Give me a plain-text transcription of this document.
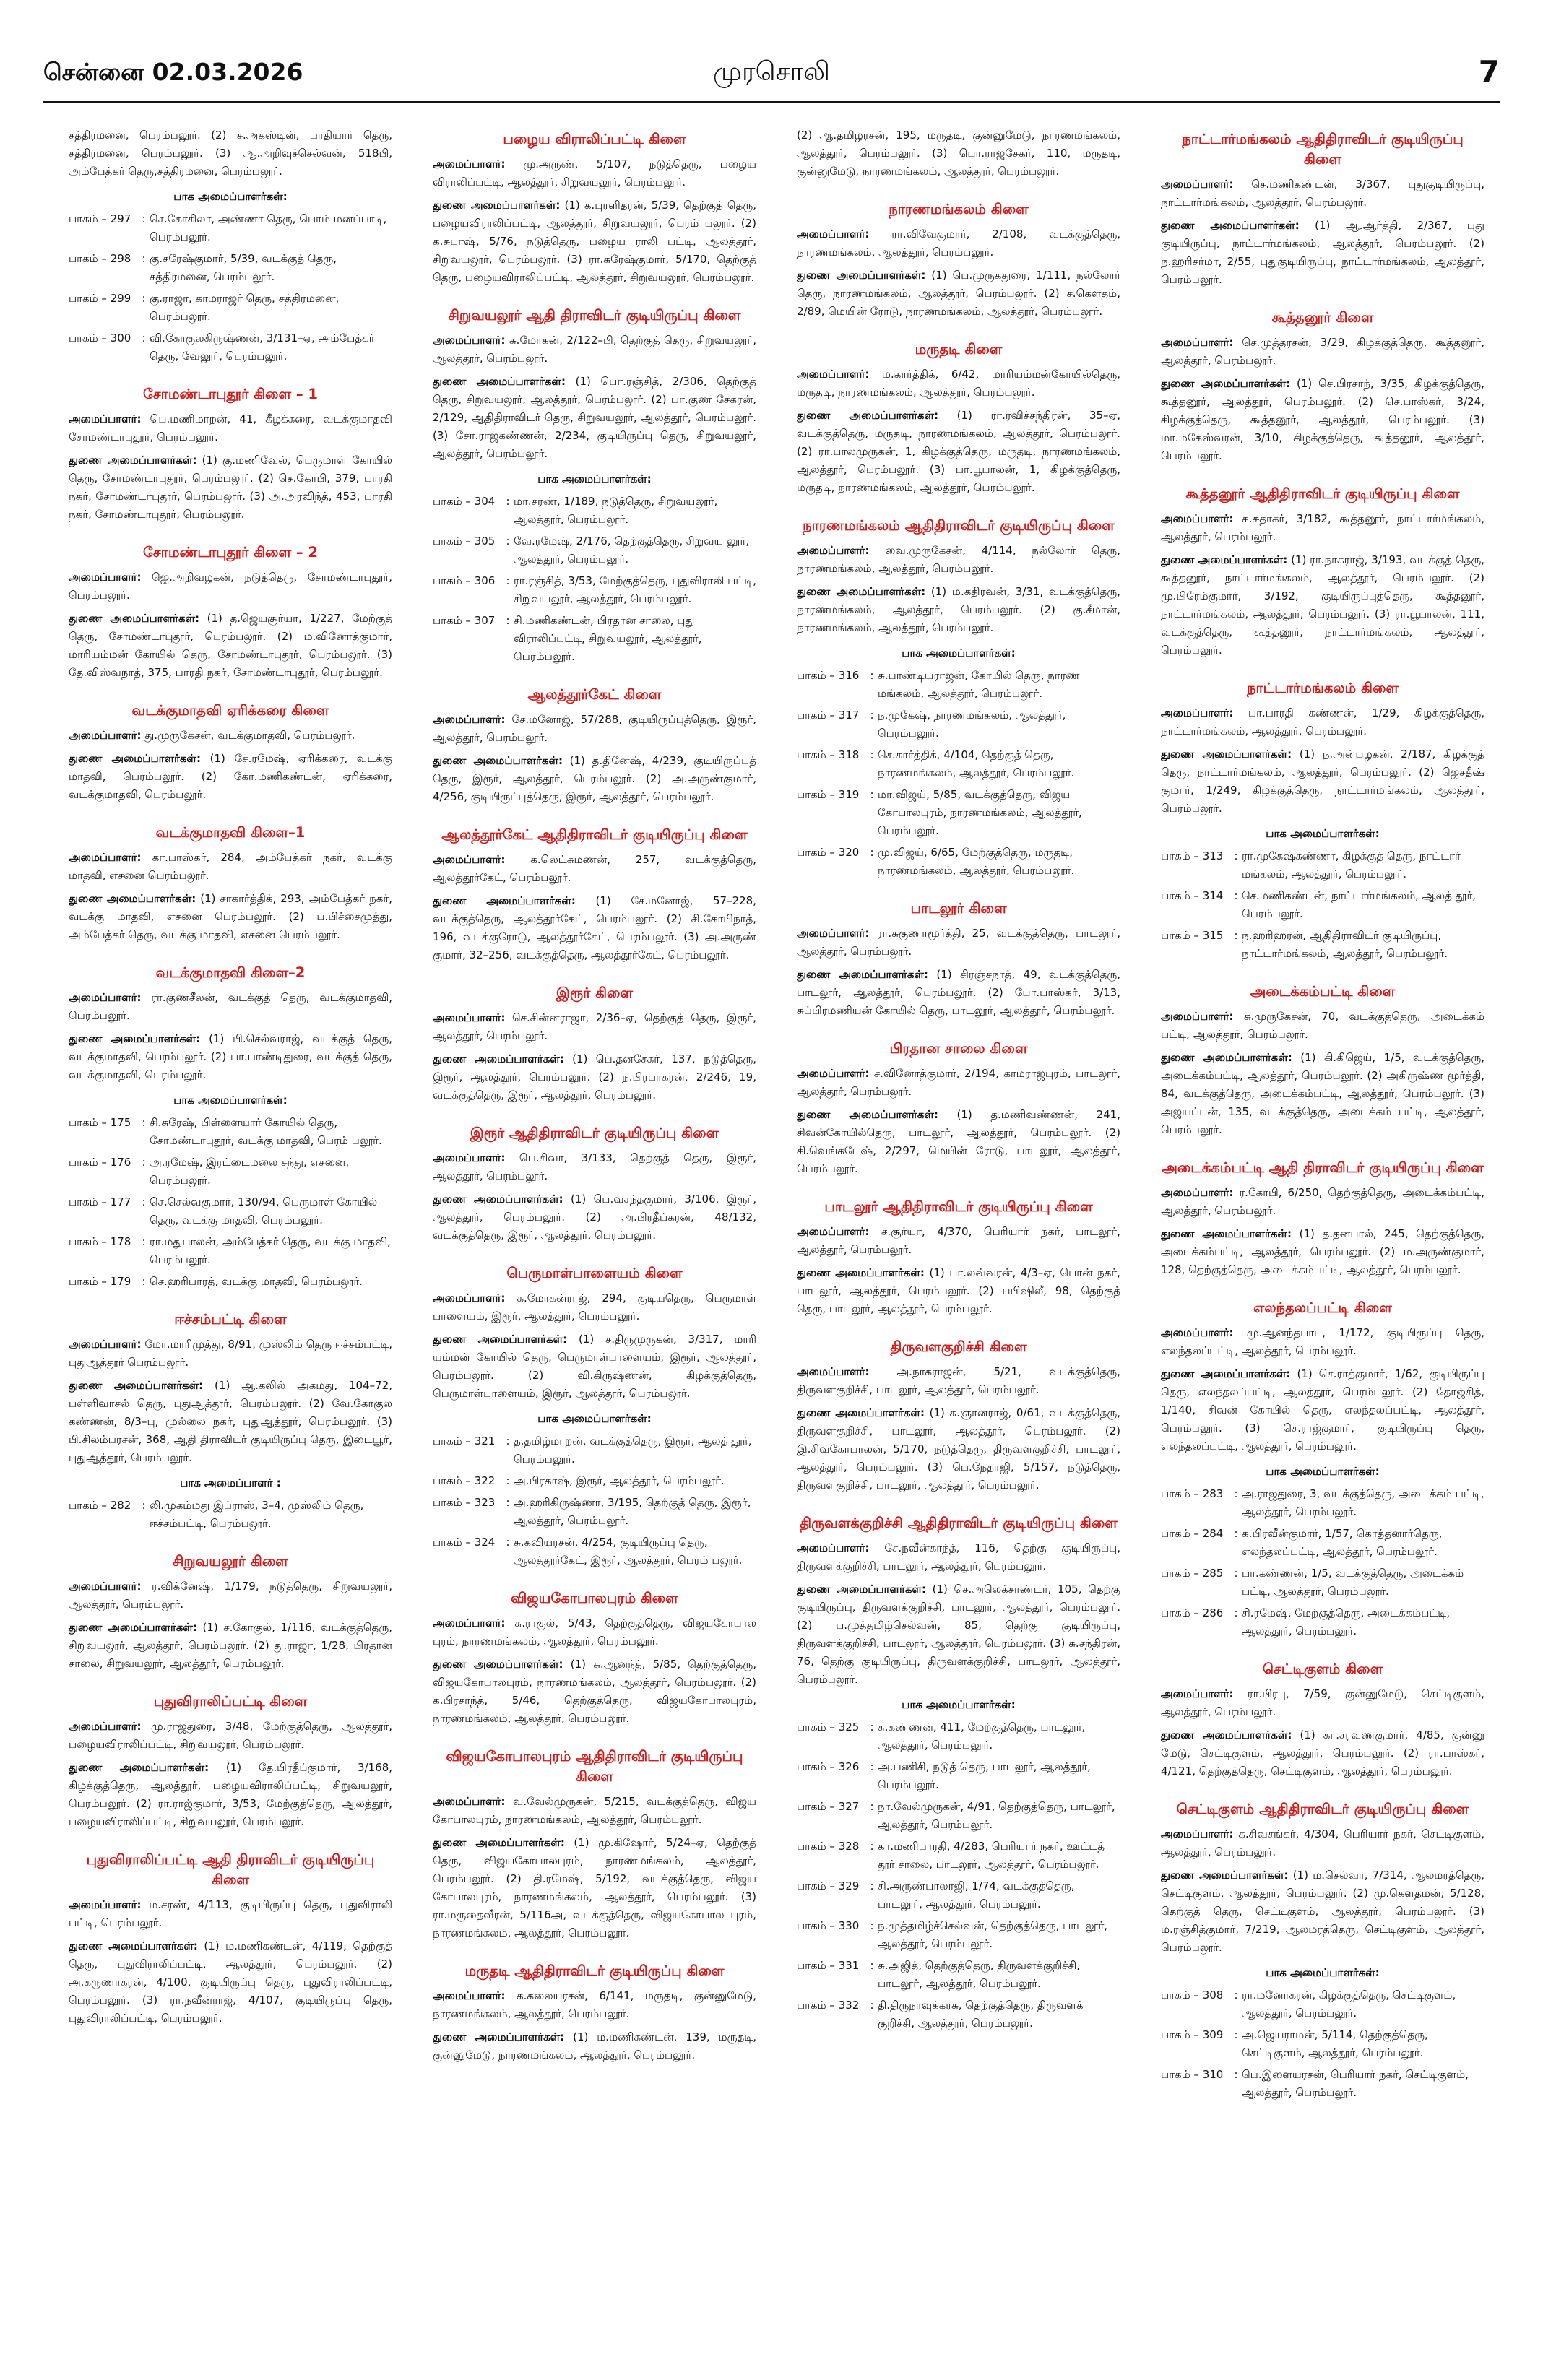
சென்னை 02.03.2026	முரசொலி	7
சத்திரமனை, பெரம்பலூர். (2) ச.அகஸ்டின், பாதியார் தெரு, சத்திரமனை, பெரம்பலூர். (3) ஆ.அறிவுச்செல்வன், 518பி, அம்பேத்கர் தெரு,சத்திரமனை, பெரம்பலூர்.
பாக அமைப்பாளர்கள்:
பாகம் – 297	: செ.கோகிலா, அண்ணா தெரு, பொம் மனப்பாடி, பெரம்பலூர்.
பாகம் – 298	: கு.சரேஷ்குமார், 5/39, வடக்குத் தெரு, சத்திரமனை, பெரம்பலூர்.
பாகம் – 299	: கு.ராஜா, காமராஜர் தெரு, சத்திரமனை, பெரம்பலூர்.
பாகம் – 300	: வி.கோகுலகிருஷ்ணன், 3/131–ஏ, அம்பேத்கர் தெரு, வேலூர், பெரம்பலூர்.
சோமண்டாபுதூர் கிளை – 1
அமைப்பாளர்: பெ.மணிமாறன், 41, கீழக்கரை, வடக்குமாதவி சோமண்டாபுதூர், பெரம்பலூர்.
துணை அமைப்பாளர்கள்: (1) கு.மணிவேல், பெருமாள் கோயில் தெரு, சோமண்டாபுதூர், பெரம்பலூர். (2) செ.கோபி, 379, பாரதி நகர், சோமண்டாபுதூர், பெரம்பலூர். (3) அ.அரவிந்த், 453, பாரதி நகர், சோமண்டாபுதூர், பெரம்பலூர்.
சோமண்டாபுதூர் கிளை – 2
அமைப்பாளர்: ஜெ.அறிவழகன், நடுத்தெரு, சோமண்டாபுதூர், பெரம்பலூர்.
துணை அமைப்பாளர்கள்: (1) த.ஜெயசூர்யா, 1/227, மேற்குத் தெரு, சோமண்டாபுதூர், பெரம்பலூர். (2) ம.வினோத்குமார், மாரியம்மன் கோயில் தெரு, சோமண்டாபுதூர், பெரம்பலூர். (3) தே.விஸ்வநாத், 375, பாரதி நகர், சோமண்டாபுதூர், பெரம்பலூர்.
வடக்குமாதவி ஏரிக்கரை கிளை
அமைப்பாளர்: து.முருகேசன், வடக்குமாதவி, பெரம்பலூர்.
துணை அமைப்பாளர்கள்: (1) சே.ரமேஷ், ஏரிக்கரை, வடக்கு மாதவி, பெரம்பலூர். (2) கோ.மணிகண்டன், ஏரிக்கரை, வடக்குமாதவி, பெரம்பலூர்.
வடக்குமாதவி கிளை–1
அமைப்பாளர்: கா.பாஸ்கர், 284, அம்பேத்கர் நகர், வடக்கு மாதவி, எசனை பெரம்பலூர்.
துணை அமைப்பாளர்கள்: (1) சாகார்த்திக், 293, அம்பேத்கர் நகர், வடக்கு மாதவி, எசனை பெரம்பலூர். (2) ப.பிச்சைமுத்து, அம்பேத்கர் தெரு, வடக்கு மாதவி, எசனை பெரம்பலூர்.
வடக்குமாதவி கிளை–2
அமைப்பாளர்: ரா.குணசீலன், வடக்குத் தெரு, வடக்குமாதவி, பெரம்பலூர்.
துணை அமைப்பாளர்கள்: (1) பி.செல்வராஜ், வடக்குத் தெரு, வடக்குமாதவி, பெரம்பலூர். (2) பா.பாண்டிதுரை, வடக்குத் தெரு, வடக்குமாதவி, பெரம்பலூர்.
பாக அமைப்பாளர்கள்:
பாகம் – 175	: சி.சுரேஷ், பிள்ளையார் கோயில் தெரு, சோமண்டாபுதூர், வடக்கு மாதவி, பெரம் பலூர்.
பாகம் – 176	: அ.ரமேஷ், இரட்டைமலை சந்து, எசனை, பெரம்பலூர்.
பாகம் – 177	: செ.செல்வகுமார், 130/94, பெருமாள் கோயில் தெரு, வடக்கு மாதவி, பெரம்பலூர்.
பாகம் – 178	: ரா.மதுபாலன், அம்பேத்கர் தெரு, வடக்கு மாதவி, பெரம்பலூர்.
பாகம் – 179	: செ.ஹரிபாரத், வடக்கு மாதவி, பெரம்பலூர்.
ஈச்சம்பட்டி கிளை
அமைப்பாளர்: மோ.மாரிமுத்து, 8/91, முஸ்லிம் தெரு ஈச்சம்பட்டி, புதுஆத்தூர் பெரம்பலூர்.
துணை அமைப்பாளர்கள்: (1) ஆ.கலில் அகமது, 104–72, பள்ளிவாசல் தெரு, புதுஆத்தூர், பெரம்பலூர். (2) வே.கோகுல கண்ணன், 8/3–பு, முல்லை நகர், புதுஆத்தூர், பெரம்பலூர். (3) பி.சிலம்பரசன், 368, ஆதி திராவிடர் குடியிருப்பு தெரு, இடையூர், புதுஆத்தூர், பெரம்பலூர்.
பாக அமைப்பாளர் :
பாகம் – 282	: லி.முகம்மது இப்ராஸ், 3–4, முஸ்லிம் தெரு, ஈச்சம்பட்டி, பெரம்பலூர்.
சிறுவயலூர் கிளை
அமைப்பாளர்: ர.விக்னேஷ், 1/179, நடுத்தெரு, சிறுவயலூர், ஆலத்தூர், பெரம்பலூர்.
துணை அமைப்பாளர்கள்: (1) ச.கோகுல், 1/116, வடக்குத்தெரு, சிறுவயலூர், ஆலத்தூர், பெரம்பலூர். (2) து.ராஜா, 1/28, பிரதான சாலை, சிறுவயலூர், ஆலத்தூர், பெரம்பலூர்.
புதுவிராலிப்பட்டி கிளை
அமைப்பாளர்: மு.ராஜதுரை, 3/48, மேற்குத்தெரு, ஆலத்தூர், பழையவிராலிப்பட்டி, சிறுவயலூர், பெரம்பலூர்.
துணை அமைப்பாளர்கள்: (1) தே.பிரதீப்குமார், 3/168, கிழக்குத்தெரு, ஆலத்தூர், பழையவிராலிப்பட்டி, சிறுவயலூர், பெரம்பலூர். (2) ரா.ராஜ்குமார், 3/53, மேற்குத்தெரு, ஆலத்தூர், பழையவிராலிப்பட்டி, சிறுவயலூர், பெரம்பலூர்.
புதுவிராலிப்பட்டி ஆதி திராவிடர் குடியிருப்பு கிளை
அமைப்பாளர்: ம.சரண், 4/113, குடியிருப்பு தெரு, புதுவிராலி பட்டி, பெரம்பலூர்.
துணை அமைப்பாளர்கள்: (1) ம.மணிகண்டன், 4/119, தெற்குத் தெரு, புதுவிராலிப்பட்டி, ஆலத்தூர், பெரம்பலூர். (2) அ.கருணாகரன், 4/100, குடியிருப்பு தெரு, புதுவிராலிப்பட்டி, பெரம்பலூர். (3) ரா.நவீன்ராஜ், 4/107, குடியிருப்பு தெரு, புதுவிராலிப்பட்டி, பெரம்பலூர்.
பழைய விராலிப்பட்டி கிளை
அமைப்பாளர்: மு.அருண், 5/107, நடுத்தெரு, பழைய விராலிப்பட்டி, ஆலத்தூர், சிறுவயலூர், பெரம்பலூர்.
துணை அமைப்பாளர்கள்: (1) க.புரளிதரன், 5/39, தெற்குத் தெரு, பழையவிராலிப்பட்டி, ஆலத்தூர், சிறுவயலூர், பெரம் பலூர். (2) க.சுபாஷ், 5/76, நடுத்தெரு, பழைய ராலி பட்டி, ஆலத்தூர், சிறுவயலூர், பெரம்பலூர். (3) ரா.சுரேஷ்குமார், 5/170, தெற்குத் தெரு, பழையவிராலிப்பட்டி, ஆலத்தூர், சிறுவயலூர், பெரம்பலூர்.
சிறுவயலூர் ஆதி திராவிடர் குடியிருப்பு கிளை
அமைப்பாளர்: சு.மோகன், 2/122–பி, தெற்குத் தெரு, சிறுவயலூர், ஆலத்தூர், பெரம்பலூர்.
துணை அமைப்பாளர்கள்: (1) பொ.ரஞ்சித், 2/306, தெற்குத் தெரு, சிறுவயலூர், ஆலத்தூர், பெரம்பலூர். (2) பா.குண சேகரன், 2/129, ஆதிதிராவிடர் தெரு, சிறுவயலூர், ஆலத்தூர், பெரம்பலூர். (3) சோ.ராஜகண்ணன், 2/234, குடியிருப்பு தெரு, சிறுவயலூர், ஆலத்தூர், பெரம்பலூர்.
பாக அமைப்பாளர்கள்:
பாகம் – 304	: மா.சரண், 1/189, நடுத்தெரு, சிறுவயலூர், ஆலத்தூர், பெரம்பலூர்.
பாகம் – 305	: வே.ரமேஷ், 2/176, தெற்குத்தெரு, சிறுவய லூர், ஆலத்தூர், பெரம்பலூர்.
பாகம் – 306	: ரா.ரஞ்சித், 3/53, மேற்குத்தெரு, புதுவிராலி பட்டி, சிறுவயலூர், ஆலத்தூர், பெரம்பலூர்.
பாகம் – 307	: சி.மணிகண்டன், பிரதான சாலை, புது விராலிப்பட்டி, சிறுவயலூர், ஆலத்தூர், பெரம்பலூர்.
ஆலத்தூர்கேட் கிளை
அமைப்பாளர்: சே.மனோஜ், 57/288, குடியிருப்புத்தெரு, இரூர், ஆலத்தூர், பெரம்பலூர்.
துணை அமைப்பாளர்கள்: (1) த.தினேஷ், 4/239, குடியிருப்புத் தெரு, இரூர், ஆலத்தூர், பெரம்பலூர். (2) அ.அருண்குமார், 4/256, குடியிருப்புத்தெரு, இரூர், ஆலத்தூர், பெரம்பலூர்.
ஆலத்தூர்கேட் ஆதிதிராவிடர் குடியிருப்பு கிளை
அமைப்பாளர்: க.லெட்சுமணன், 257, வடக்குத்தெரு, ஆலத்தூர்கேட், பெரம்பலூர்.
துணை அமைப்பாளர்கள்: (1) சே.மனோஜ், 57–228, வடக்குத்தெரு, ஆலத்தூர்கேட், பெரம்பலூர். (2) சி.கோபிநாத், 196, வடக்குரோடு, ஆலத்தூர்கேட், பெரம்பலூர். (3) அ.அருண் குமார், 32–256, வடக்குத்தெரு, ஆலத்தூர்கேட், பெரம்பலூர்.
இரூர் கிளை
அமைப்பாளர்: செ.சின்னராஜா, 2/36–ஏ, தெற்குத் தெரு, இரூர், ஆலத்தூர், பெரம்பலூர்.
துணை அமைப்பாளர்கள்: (1) பெ.தனசேகர், 137, நடுத்தெரு, இரூர், ஆலத்தூர், பெரம்பலூர். (2) ந.பிரபாகரன், 2/246, 19, வடக்குத்தெரு, இரூர், ஆலத்தூர், பெரம்பலூர்.
இரூர் ஆதிதிராவிடர் குடியிருப்பு கிளை
அமைப்பாளர்: பெ.சிவா, 3/133, தெற்குத் தெரு, இரூர், ஆலத்தூர், பெரம்பலூர்.
துணை அமைப்பாளர்கள்: (1) பெ.வசந்தகுமார், 3/106, இரூர், ஆலத்தூர், பெரம்பலூர். (2) அ.பிரதீப்கரன், 48/132, வடக்குத்தெரு, இரூர், ஆலத்தூர், பெரம்பலூர்.
பெருமாள்பாளையம் கிளை
அமைப்பாளர்: க.மோகன்ராஜ், 294, குடியதெரு, பெருமாள் பாளையம், இரூர், ஆலத்தூர், பெரம்பலூர்.
துணை அமைப்பாளர்கள்: (1) ச.திருமுருகன், 3/317, மாரி யம்மன் கோயில் தெரு, பெருமாள்பாளையம், இரூர், ஆலத்தூர், பெரம்பலூர். (2) வி.கிருஷ்ணன், கிழக்குத்தெரு, பெருமாள்பாளையம், இரூர், ஆலத்தூர், பெரம்பலூர்.
பாக அமைப்பாளர்கள்:
பாகம் – 321	: த.தமிழ்மாறன், வடக்குத்தெரு, இரூர், ஆலத் தூர், பெரம்பலூர்.
பாகம் – 322	: அ.பிரகாஷ், இரூர், ஆலத்தூர், பெரம்பலூர்.
பாகம் – 323	: அ.ஹரிகிருஷ்ணா, 3/195, தெற்குத் தெரு, இரூர், ஆலத்தூர், பெரம்பலூர்.
பாகம் – 324	: சு.கவியரசன், 4/254, குடியிருப்பு தெரு, ஆலத்தூர்கேட், இரூர், ஆலத்தூர், பெரம் பலூர்.
விஜயகோபாலபுரம் கிளை
அமைப்பாளர்: சு.ராகுல், 5/43, தெற்குத்தெரு, விஜயகோபால புரம், நாரணமங்கலம், ஆலத்தூர், பெரம்பலூர்.
துணை அமைப்பாளர்கள்: (1) சு.ஆனந்த், 5/85, தெற்குத்தெரு, விஜயகோபாலபுரம், நாரணமங்கலம், ஆலத்தூர், பெரம்பலூர். (2) க.பிரசாந்த், 5/46, தெற்குத்தெரு, விஜயகோபாலபுரம், நாரணமங்கலம், ஆலத்தூர், பெரம்பலூர்.
விஜயகோபாலபுரம் ஆதிதிராவிடர் குடியிருப்பு கிளை
அமைப்பாளர்: வ.வேல்முருகன், 5/215, வடக்குத்தெரு, விஜய கோபாலபுரம், நாரணமங்கலம், ஆலத்தூர், பெரம்பலூர்.
துணை அமைப்பாளர்கள்: (1) மு.கிஷோர், 5/24–ஏ, தெற்குத் தெரு, விஜயகோபாலபுரம், நாரணமங்கலம், ஆலத்தூர், பெரம்பலூர். (2) தி.ரமேஷ், 5/192, வடக்குத்தெரு, விஜய கோபாலபுரம், நாரணமங்கலம், ஆலத்தூர், பெரம்பலூர். (3) ரா.மருதைவீரன், 5/116அ, வடக்குத்தெரு, விஜயகோபால புரம், நாரணமங்கலம், ஆலத்தூர், பெரம்பலூர்.
மருதடி ஆதிதிராவிடர் குடியிருப்பு கிளை
அமைப்பாளர்: க.கலையரசன், 6/141, மருதடி, குன்னுமேடு, நாரணமங்கலம், ஆலத்தூர், பெரம்பலூர்.
துணை அமைப்பாளர்கள்: (1) ம.மணிகண்டன், 139, மருதடி, குன்னுமேடு, நாரணமங்கலம், ஆலத்தூர், பெரம்பலூர்.
(2) ஆ.தமிழரசன், 195, மருதடி, குன்னுமேடு, நாரணமங்கலம், ஆலத்தூர், பெரம்பலூர். (3) பொ.ராஜசேகர், 110, மருதடி, குன்னுமேடு, நாரணமங்கலம், ஆலத்தூர், பெரம்பலூர்.
நாரணமங்கலம் கிளை
அமைப்பாளர்: ரா.விவேகுமார், 2/108, வடக்குத்தெரு, நாரணமங்கலம், ஆலத்தூர், பெரம்பலூர்.
துணை அமைப்பாளர்கள்: (1) பெ.முருகதுரை, 1/111, நல்லோர் தெரு, நாரணமங்கலம், ஆலத்தூர், பெரம்பலூர். (2) ச.கௌதம், 2/89, மெயின் ரோடு, நாரணமங்கலம், ஆலத்தூர், பெரம்பலூர்.
மருதடி கிளை
அமைப்பாளர்: ம.கார்த்திக், 6/42, மாரியம்மன்கோயில்தெரு, மருதடி, நாரணமங்கலம், ஆலத்தூர், பெரம்பலூர்.
துணை அமைப்பாளர்கள்: (1) ரா.ரவிச்சந்திரன், 35–ஏ, வடக்குத்தெரு, மருதடி, நாரணமங்கலம், ஆலத்தூர், பெரம்பலூர். (2) ரா.பாலமுருகன், 1, கிழக்குத்தெரு, மருதடி, நாரணமங்கலம், ஆலத்தூர், பெரம்பலூர். (3) பா.பூபாலன், 1, கிழக்குத்தெரு, மருதடி, நாரணமங்கலம், ஆலத்தூர், பெரம்பலூர்.
நாரணமங்கலம் ஆதிதிராவிடர் குடியிருப்பு கிளை
அமைப்பாளர்: வை.முருகேசன், 4/114, நல்லோர் தெரு, நாரணமங்கலம், ஆலத்தூர், பெரம்பலூர்.
துணை அமைப்பாளர்கள்: (1) ம.கதிரவன், 3/31, வடக்குத்தெரு, நாரணமங்கலம், ஆலத்தூர், பெரம்பலூர். (2) கு.சீமான், நாரணமங்கலம், ஆலத்தூர், பெரம்பலூர்.
பாக அமைப்பாளர்கள்:
பாகம் – 316	: சு.பாண்டியராஜன், கோயில் தெரு, நாரண மங்கலம், ஆலத்தூர், பெரம்பலூர்.
பாகம் – 317	: ந.முகேஷ், நாரணமங்கலம், ஆலத்தூர், பெரம்பலூர்.
பாகம் – 318	: செ.கார்த்திக், 4/104, தெற்குத் தெரு, நாரணமங்கலம், ஆலத்தூர், பெரம்பலூர்.
பாகம் – 319	: மா.விஜய், 5/85, வடக்குத்தெரு, விஜய கோபாலபுரம், நாரணமங்கலம், ஆலத்தூர், பெரம்பலூர்.
பாகம் – 320	: மு.விஜய், 6/65, மேற்குத்தெரு, மருதடி, நாரணமங்கலம், ஆலத்தூர், பெரம்பலூர்.
பாடலூர் கிளை
அமைப்பாளர்: ரா.சுகுணாமூர்த்தி, 25, வடக்குத்தெரு, பாடலூர், ஆலத்தூர், பெரம்பலூர்.
துணை அமைப்பாளர்கள்: (1) சிரஞ்சநாத், 49, வடக்குத்தெரு, பாடலூர், ஆலத்தூர், பெரம்பலூர். (2) போ.பாஸ்கர், 3/13, சுப்பிரமணியன் கோயில் தெரு, பாடலூர், ஆலத்தூர், பெரம்பலூர்.
பிரதான சாலை கிளை
அமைப்பாளர்: ச.வினோத்குமார், 2/194, காமராஜபுரம், பாடலூர், ஆலத்தூர், பெரம்பலூர்.
துணை அமைப்பாளர்கள்: (1) த.மணிவண்ணன், 241, சிவன்கோயில்தெரு, பாடலூர், ஆலத்தூர், பெரம்பலூர். (2) கி.வெங்கடேஷ், 2/297, மெயின் ரோடு, பாடலூர், ஆலத்தூர், பெரம்பலூர்.
பாடலூர் ஆதிதிராவிடர் குடியிருப்பு கிளை
அமைப்பாளர்: ச.சூர்யா, 4/370, பெரியார் நகர், பாடலூர், ஆலத்தூர், பெரம்பலூர்.
துணை அமைப்பாளர்கள்: (1) பா.லவ்வரன், 4/3–ஏ, பொன் நகர், பாடலூர், ஆலத்தூர், பெரம்பலூர். (2) பபிஷிலீ, 98, தெற்குத் தெரு, பாடலூர், ஆலத்தூர், பெரம்பலூர்.
திருவளகுறிச்சி கிளை
அமைப்பாளர்:	அ.நாகராஜன், 5/21, வடக்குத்தெரு, திருவளகுறிச்சி, பாடலூர், ஆலத்தூர், பெரம்பலூர்.
துணை அமைப்பாளர்கள்: (1) சு.ஞானராஜ், 0/61, வடக்குத்தெரு, திருவளகுறிச்சி, பாடலூர், ஆலத்தூர், பெரம்பலூர். (2) இ.சிவகோபாலன், 5/170, நடுத்தெரு, திருவளகுறிச்சி, பாடலூர், ஆலத்தூர், பெரம்பலூர். (3) பெ.நேதாஜி, 5/157, நடுத்தெரு, திருவளகுறிச்சி, பாடலூர், ஆலத்தூர், பெரம்பலூர்.
திருவளக்குறிச்சி ஆதிதிராவிடர் குடியிருப்பு கிளை
அமைப்பாளர்: சே.நவீன்காந்த், 116, தெற்கு குடியிருப்பு, திருவளக்குறிச்சி, பாடலூர், ஆலத்தூர், பெரம்பலூர்.
துணை அமைப்பாளர்கள்: (1) செ.அலெக்சாண்டர், 105, தெற்கு குடியிருப்பு, திருவளக்குறிச்சி, பாடலூர், ஆலத்தூர், பெரம்பலூர். (2) ப.முத்தமிழ்செல்வன், 85, தெற்கு குடியிருப்பு, திருவளக்குறிச்சி, பாடலூர், ஆலத்தூர், பெரம்பலூர். (3) சு.சந்திரன், 76, தெற்கு குடியிருப்பு, திருவளக்குறிச்சி, பாடலூர், ஆலத்தூர், பெரம்பலூர்.
பாக அமைப்பாளர்கள்:
பாகம் – 325	: சு.கண்ணன், 411, மேற்குத்தெரு, பாடலூர், ஆலத்தூர், பெரம்பலூர்.
பாகம் – 326	: அ.பணிசி, நடுத் தெரு, பாடலூர், ஆலத்தூர், பெரம்பலூர்.
பாகம் – 327	: நா.வேல்முருகன், 4/91, தெற்குத்தெரு, பாடலூர், ஆலத்தூர், பெரம்பலூர்.
பாகம் – 328	: கா.மணிபாரதி, 4/283, பெரியார் நகர், ஊட்டத் தூர் சாலை, பாடலூர், ஆலத்தூர், பெரம்பலூர்.
பாகம் – 329	: சி.அருண்பாலாஜி, 1/74, வடக்குத்தெரு, பாடலூர், ஆலத்தூர், பெரம்பலூர்.
பாகம் – 330	: ந.முத்தமிழ்ச்செல்வன், தெற்குத்தெரு, பாடலூர், ஆலத்தூர், பெரம்பலூர்.
பாகம் – 331	: சு.அஜித், தெற்குத்தெரு, திருவளக்குறிச்சி, பாடலூர், ஆலத்தூர், பெரம்பலூர்.
பாகம் – 332	: தி.திருநாவுக்கரசு, தெற்குத்தெரு, திருவளக் குறிச்சி, ஆலத்தூர், பெரம்பலூர்.
நாட்டார்மங்கலம் ஆதிதிராவிடர் குடியிருப்பு கிளை
அமைப்பாளர்: செ.மணிகண்டன், 3/367, புதுகுடியிருப்பு, நாட்டார்மங்கலம், ஆலத்தூர், பெரம்பலூர்.
துணை அமைப்பாளர்கள்: (1) ஆ.ஆர்த்தி, 2/367, புது குடியிருப்பு, நாட்டார்மங்கலம், ஆலத்தூர், பெரம்பலூர். (2) ந.ஹரிசர்மா, 2/55, புதுகுடியிருப்பு, நாட்டார்மங்கலம், ஆலத்தூர், பெரம்பலூர்.
கூத்தனூர் கிளை
அமைப்பாளர்: செ.முத்தரசன், 3/29, கிழக்குத்தெரு, கூத்தனூர், ஆலத்தூர், பெரம்பலூர்.
துணை அமைப்பாளர்கள்: (1) செ.பிரசாந், 3/35, கிழக்குத்தெரு, கூத்தனூர், ஆலத்தூர், பெரம்பலூர். (2) செ.பாஸ்கர், 3/24, கிழக்குத்தெரு, கூத்தனூர், ஆலத்தூர், பெரம்பலூர். (3) மா.மகேஸ்வரன், 3/10, கிழக்குத்தெரு, கூத்தனூர், ஆலத்தூர், பெரம்பலூர்.
கூத்தனூர் ஆதிதிராவிடர் குடியிருப்பு கிளை
அமைப்பாளர்: க.சுதாகர், 3/182, கூத்தனூர், நாட்டார்மங்கலம், ஆலத்தூர், பெரம்பலூர்.
துணை அமைப்பாளர்கள்: (1) ரா.நாகராஜ், 3/193, வடக்குத் தெரு, கூத்தனூர், நாட்டார்மங்கலம், ஆலத்தூர், பெரம்பலூர். (2) மு.பிரேம்குமார், 3/192, குடியிருப்புத்தெரு, கூத்தனூர், நாட்டார்மங்கலம், ஆலத்தூர், பெரம்பலூர். (3) ரா.பூபாலன், 111, வடக்குத்தெரு, கூத்தனூர், நாட்டார்மங்கலம், ஆலத்தூர், பெரம்பலூர்.
நாட்டார்மங்கலம் கிளை
அமைப்பாளர்: பா.பாரதி கண்ணன், 1/29, கிழக்குத்தெரு, நாட்டார்மங்கலம், ஆலத்தூர், பெரம்பலூர்.
துணை அமைப்பாளர்கள்: (1) ந.அன்பழகன், 2/187, கிழக்குத் தெரு, நாட்டார்மங்கலம், ஆலத்தூர், பெரம்பலூர். (2) ஜெசதீஷ் குமார், 1/249, கிழக்குத்தெரு, நாட்டார்மங்கலம், ஆலத்தூர், பெரம்பலூர்.
பாக அமைப்பாளர்கள்:
பாகம் – 313	: ரா.முகேஷ்கண்ணா, கிழக்குத் தெரு, நாட்டார் மங்கலம், ஆலத்தூர், பெரம்பலூர்.
பாகம் – 314	: செ.மணிகண்டன், நாட்டார்மங்கலம், ஆலத் தூர், பெரம்பலூர்.
பாகம் – 315	: ந.ஹரிஹரன், ஆதிதிராவிடர் குடியிருப்பு, நாட்டார்மங்கலம், ஆலத்தூர், பெரம்பலூர்.
அடைக்கம்பட்டி கிளை
அமைப்பாளர்: சு.முருகேசன், 70, வடக்குத்தெரு, அடைக்கம் பட்டி, ஆலத்தூர், பெரம்பலூர்.
துணை அமைப்பாளர்கள்: (1) கி.கிஜெய், 1/5, வடக்குத்தெரு, அடைக்கம்பட்டி, ஆலத்தூர், பெரம்பலூர். (2) அகிருஷ்ண மூர்த்தி, 84, வடக்குத்தெரு, அடைக்கம்பட்டி, ஆலத்தூர், பெரம்பலூர். (3) அஜயப்பன், 135, வடக்குத்தெரு, அடைக்கம் பட்டி, ஆலத்தூர், பெரம்பலூர்.
அடைக்கம்பட்டி ஆதி திராவிடர் குடியிருப்பு கிளை
அமைப்பாளர்: ர.கோபி, 6/250, தெற்குத்தெரு, அடைக்கம்பட்டி, ஆலத்தூர், பெரம்பலூர்.
துணை அமைப்பாளர்கள்: (1) த.தனபால், 245, தெற்குத்தெரு, அடைக்கம்பட்டி, ஆலத்தூர், பெரம்பலூர். (2) ம.அருண்குமார், 128, தெற்குத்தெரு, அடைக்கம்பட்டி, ஆலத்தூர், பெரம்பலூர்.
எலந்தலப்பட்டி கிளை
அமைப்பாளர்: மு.ஆனந்தபாபு, 1/172, குடியிருப்பு தெரு, எலந்தலப்பட்டி, ஆலத்தூர், பெரம்பலூர்.
துணை அமைப்பாளர்கள்: (1) செ.ராத்குமார், 1/62, குடியிருப்பு தெரு, எலந்தலப்பட்டி, ஆலத்தூர், பெரம்பலூர். (2) தோஜ்சித், 1/140, சிவன் கோயில் தெரு, எலந்தலப்பட்டி, ஆலத்தூர், பெரம்பலூர். (3) செ.ராஜ்குமார், குடியிருப்பு தெரு, எலந்தலப்பட்டி, ஆலத்தூர், பெரம்பலூர்.
பாக அமைப்பாளர்கள்:
பாகம் – 283	: அ.ராஜதுரை, 3, வடக்குத்தெரு, அடைக்கம் பட்டி, ஆலத்தூர், பெரம்பலூர்.
பாகம் – 284	: க.பிரவீன்குமார், 1/57, கொத்தனார்தெரு, எலந்தலப்பட்டி, ஆலத்தூர், பெரம்பலூர்.
பாகம் – 285	: பா.கண்ணன், 1/5, வடக்குத்தெரு, அடைக்கம் பட்டி, ஆலத்தூர், பெரம்பலூர்.
பாகம் – 286	: சி.ரமேஷ், மேற்குத்தெரு, அடைக்கம்பட்டி, ஆலத்தூர், பெரம்பலூர்.
செட்டிகுளம் கிளை
அமைப்பாளர்: ரா.பிரபு, 7/59, குன்னுமேடு, செட்டிகுளம், ஆலத்தூர், பெரம்பலூர்.
துணை அமைப்பாளர்கள்: (1) கா.சரவணகுமார், 4/85, குன்னு மேடு, செட்டிகுளம், ஆலத்தூர், பெரம்பலூர். (2) ரா.பாஸ்கர், 4/121, தெற்குத்தெரு, செட்டிகுளம், ஆலத்தூர், பெரம்பலூர்.
செட்டிகுளம் ஆதிதிராவிடர் குடியிருப்பு கிளை
அமைப்பாளர்: க.சிவசங்கர், 4/304, பெரியார் நகர், செட்டிகுளம், ஆலத்தூர், பெரம்பலூர்.
துணை அமைப்பாளர்கள்: (1) ம.செல்வா, 7/314, ஆலமரத்தெரு, செட்டிகுளம், ஆலத்தூர், பெரம்பலூர். (2) மு.கௌதமன், 5/128, தெற்குத் தெரு, செட்டிகுளம், ஆலத்தூர், பெரம்பலூர். (3) ம.ரஞ்சித்குமார், 7/219, ஆலமரத்தெரு, செட்டிகுளம், ஆலத்தூர், பெரம்பலூர்.
பாக அமைப்பாளர்கள்:
பாகம் – 308	: ரா.மனோகரன், கிழக்குத்தெரு, செட்டிகுளம், ஆலத்தூர், பெரம்பலூர்.
பாகம் – 309	: அ.ஜெயராமன், 5/114, தெற்குத்தெரு, செட்டிகுளம், ஆலத்தூர், பெரம்பலூர்.
பாகம் – 310	: பெ.இளையரசன், பெரியார் நகர், செட்டிகுளம், ஆலத்தூர், பெரம்பலூர்.
